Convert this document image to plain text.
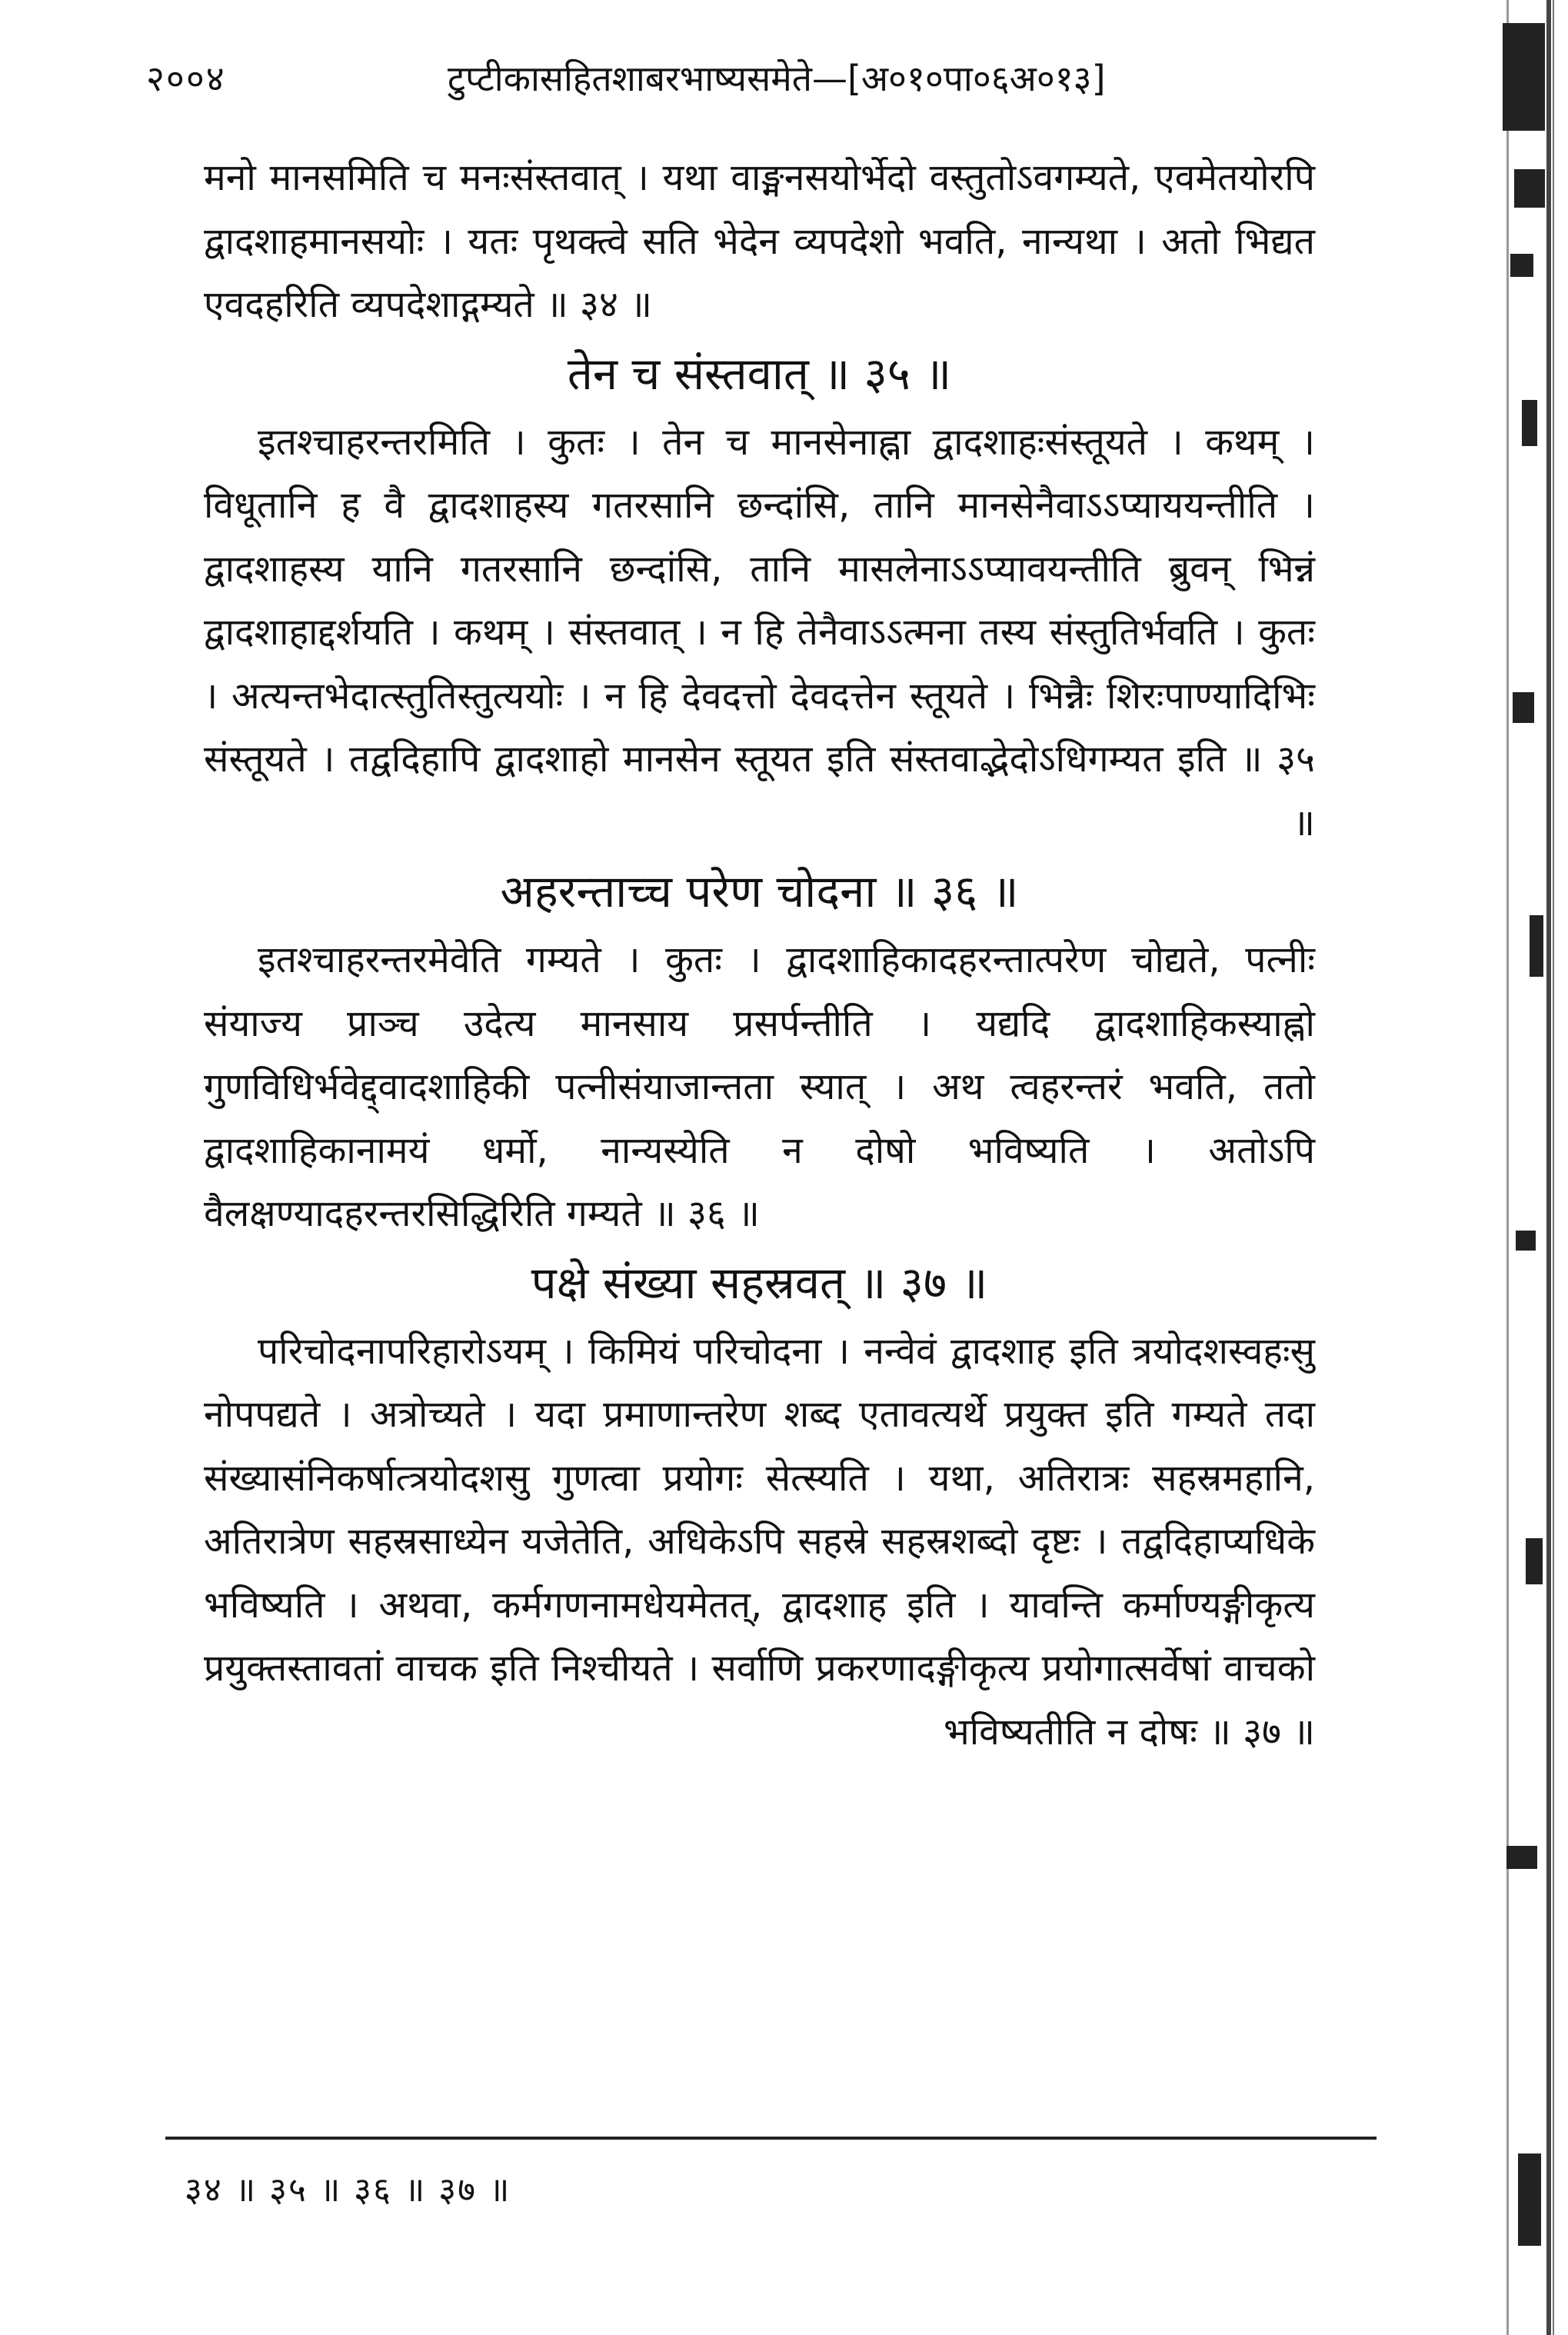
२००४	टुप्टीकासहितशाबरभाष्यसमेते—[अ०१०पा०६अ०१३]

मनो मानसमिति च मनःसंस्तवात् । यथा वाङ्मनसयोर्भेदो वस्तुतोऽवगम्यते, एवमेतयोरपि द्वादशाहमानसयोः । यतः पृथक्त्वे सति भेदेन व्यपदेशो भवति, नान्यथा । अतो भिद्यत एवदहरिति व्यपदेशाद्गम्यते ॥ ३४ ॥

तेन च संस्तवात् ॥ ३५ ॥

इतश्चाहरन्तरमिति । कुतः । तेन च मानसेनाह्ना द्वादशाहःसंस्तूयते । कथम् । विधूतानि ह वै द्वादशाहस्य गतरसानि छन्दांसि, तानि मानसेनैवाऽऽप्याययन्तीति । द्वादशाहस्य यानि गतरसानि छन्दांसि, तानि मासलेनाऽऽप्यावयन्तीति ब्रुवन् भिन्नं द्वादशाहाद्दर्शयति । कथम् । संस्तवात् । न हि तेनैवाऽऽत्मना तस्य संस्तुतिर्भवति । कुतः । अत्यन्तभेदात्स्तुतिस्तुत्ययोः । न हि देवदत्तो देवदत्तेन स्तूयते । भिन्नैः शिरःपाण्यादिभिः संस्तूयते । तद्वदिहापि द्वादशाहो मानसेन स्तूयत इति संस्तवाद्भेदोऽधिगम्यत इति ॥ ३५ ॥

अहरन्ताच्च परेण चोदना ॥ ३६ ॥

इतश्चाहरन्तरमेवेति गम्यते । कुतः । द्वादशाहिकादहरन्तात्परेण चोद्यते, पत्नीः संयाज्य प्राञ्च उदेत्य मानसाय प्रसर्पन्तीति । यद्यदि द्वादशाहिकस्याह्नो गुणविधिर्भवेद्द्वादशाहिकी पत्नीसंयाजान्तता स्यात् । अथ त्वहरन्तरं भवति, ततो द्वादशाहिकानामयं धर्मो, नान्यस्येति न दोषो भविष्यति । अतोऽपि वैलक्षण्यादहरन्तरसिद्धिरिति गम्यते ॥ ३६ ॥

पक्षे संख्या सहस्रवत् ॥ ३७ ॥

परिचोदनापरिहारोऽयम् । किमियं परिचोदना । नन्वेवं द्वादशाह इति त्रयोदशस्वहःसु नोपपद्यते । अत्रोच्यते । यदा प्रमाणान्तरेण शब्द एतावत्यर्थे प्रयुक्त इति गम्यते तदा संख्यासंनिकर्षात्त्रयोदशसु गुणत्वा प्रयोगः सेत्स्यति । यथा, अतिरात्रः सहस्रमहानि, अतिरात्रेण सहस्रसाध्येन यजेतेति, अधिकेऽपि सहस्रे सहस्रशब्दो दृष्टः । तद्वदिहाप्यधिके भविष्यति । अथवा, कर्मगणनामधेयमेतत्, द्वादशाह इति । यावन्ति कर्माण्यङ्गीकृत्य प्रयुक्तस्तावतां वाचक इति निश्चीयते । सर्वाणि प्रकरणादङ्गीकृत्य प्रयोगात्सर्वेषां वाचको भविष्यतीति न दोषः ॥ ३७ ॥

३४ ॥ ३५ ॥ ३६ ॥ ३७ ॥
